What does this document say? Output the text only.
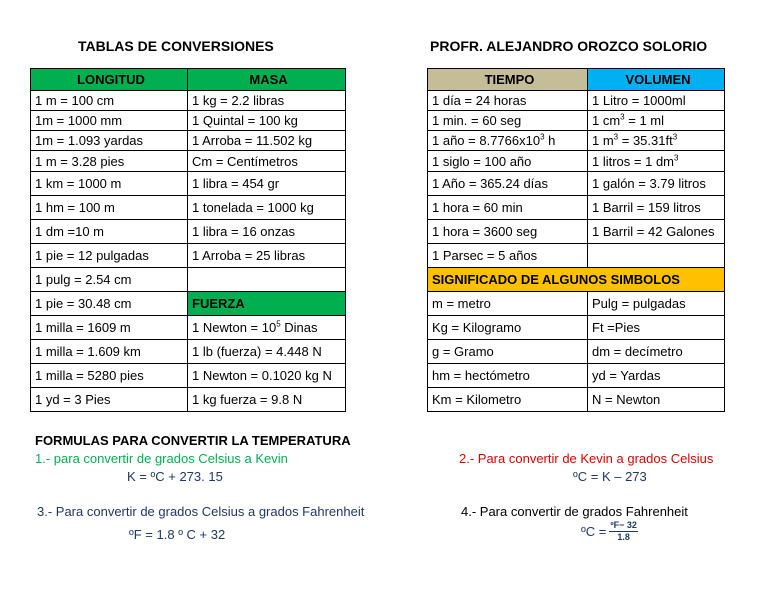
TABLAS DE CONVERSIONES	PROFR. ALEJANDRO OROZCO SOLORIO
LONGITUD	MASA
1 m = 100 cm	1 kg = 2.2 libras
1m = 1000 mm	1 Quintal = 100 kg
1m = 1.093 yardas	1 Arroba = 11.502 kg
1 m = 3.28 pies	Cm = Centímetros
1 km = 1000 m	1 libra = 454 gr
1 hm = 100 m	1 tonelada = 1000 kg
1 dm =10 m	1 libra = 16 onzas
1 pie = 12 pulgadas	1 Arroba = 25 libras
1 pulg = 2.54 cm	
1 pie = 30.48 cm	FUERZA
1 milla = 1609 m	1 Newton = $10^5$ Dinas
1 milla = 1.609 km	1 lb (fuerza) = 4.448 N
1 milla = 5280 pies	1 Newton = 0.1020 kg N
1 yd = 3 Pies	1 kg fuerza = 9.8 N
TIEMPO	VOLUMEN
1 día = 24 horas	1 Litro = 1000ml
1 min. = 60 seg	1 $cm^3 = 1$ ml
1 año = $8.7766x10^3$ h	1 $m^3 = 35.31ft^3$
1 siglo = 100 año	1 litros = 1 $dm^3$
1 Año = 365.24 días	1 galón = 3.79 litros
1 hora = 60 min	1 Barril = 159 litros
1 hora = 3600 seg	1 Barril = 42 Galones
1 Parsec = 5 años	
SIGNIFICADO DE ALGUNOS SIMBOLOS	
m = metro	Pulg = pulgadas
Kg = Kilogramo	Ft =Pies
g = Gramo	dm = decímetro
hm = hectómetro	yd = Yardas
Km = Kilometro	N = Newton
FORMULAS PARA CONVERTIR LA TEMPERATURA
1.- para convertir de grados Celsius a Kevin
K = ºC + 273. 15
2.- Para convertir de Kevin a grados Celsius
ºC = K – 273
3.- Para convertir de grados Celsius a grados Fahrenheit
ºF = 1.8 º C + 32
4.- Para convertir de grados Fahrenheit
ºC = $\frac{\text{ºF− 32}}{1.8}$
